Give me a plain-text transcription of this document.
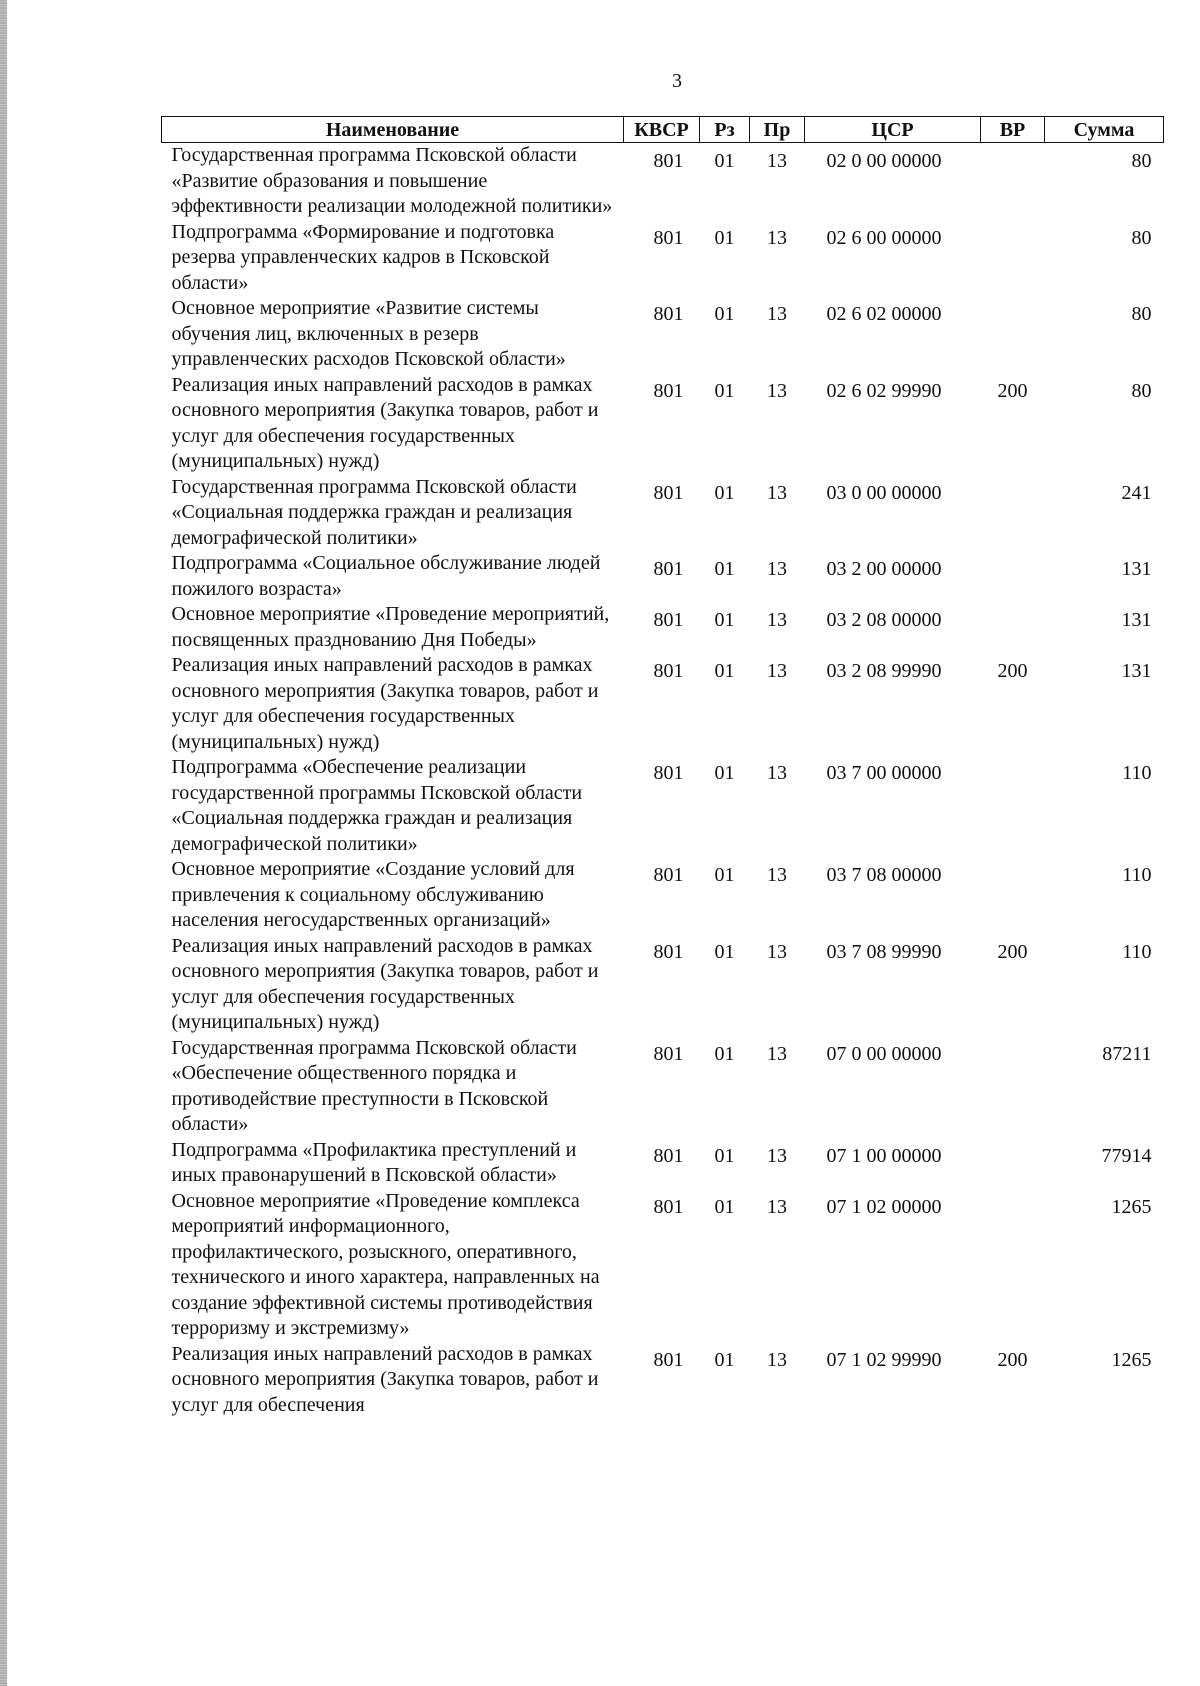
3
Наименование	КВСР	Рз	Пр	ЦСР	ВР	Сумма
Государственная программа Псковской области «Развитие образования и повышение эффективности реализации молодежной политики»	801	01	13	02 0 00 00000		80
Подпрограмма «Формирование и подготовка резерва управленческих кадров в Псковской области»	801	01	13	02 6 00 00000		80
Основное мероприятие «Развитие системы обучения лиц, включенных в резерв управленческих расходов Псковской области»	801	01	13	02 6 02 00000		80
Реализация иных направлений расходов в рамках основного мероприятия (Закупка товаров, работ и услуг для обеспечения государственных (муниципальных) нужд)	801	01	13	02 6 02 99990	200	80
Государственная программа Псковской области «Социальная поддержка граждан и реализация демографической политики»	801	01	13	03 0 00 00000		241
Подпрограмма «Социальное обслуживание людей пожилого возраста»	801	01	13	03 2 00 00000		131
Основное мероприятие «Проведение мероприятий, посвященных празднованию Дня Победы»	801	01	13	03 2 08 00000		131
Реализация иных направлений расходов в рамках основного мероприятия (Закупка товаров, работ и услуг для обеспечения государственных (муниципальных) нужд)	801	01	13	03 2 08 99990	200	131
Подпрограмма «Обеспечение реализации государственной программы Псковской области «Социальная поддержка граждан и реализация демографической политики»	801	01	13	03 7 00 00000		110
Основное мероприятие «Создание условий для привлечения к социальному обслуживанию населения негосударственных организаций»	801	01	13	03 7 08 00000		110
Реализация иных направлений расходов в рамках основного мероприятия (Закупка товаров, работ и услуг для обеспечения государственных (муниципальных) нужд)	801	01	13	03 7 08 99990	200	110
Государственная программа Псковской области «Обеспечение общественного порядка и противодействие преступности в Псковской области»	801	01	13	07 0 00 00000		87211
Подпрограмма «Профилактика преступлений и иных правонарушений в Псковской области»	801	01	13	07 1 00 00000		77914
Основное мероприятие «Проведение комплекса мероприятий информационного, профилактического, розыскного, оперативного, технического и иного характера, направленных на создание эффективной системы противодействия терроризму и экстремизму»	801	01	13	07 1 02 00000		1265
Реализация иных направлений расходов в рамках основного мероприятия (Закупка товаров, работ и услуг для обеспечения	801	01	13	07 1 02 99990	200	1265
